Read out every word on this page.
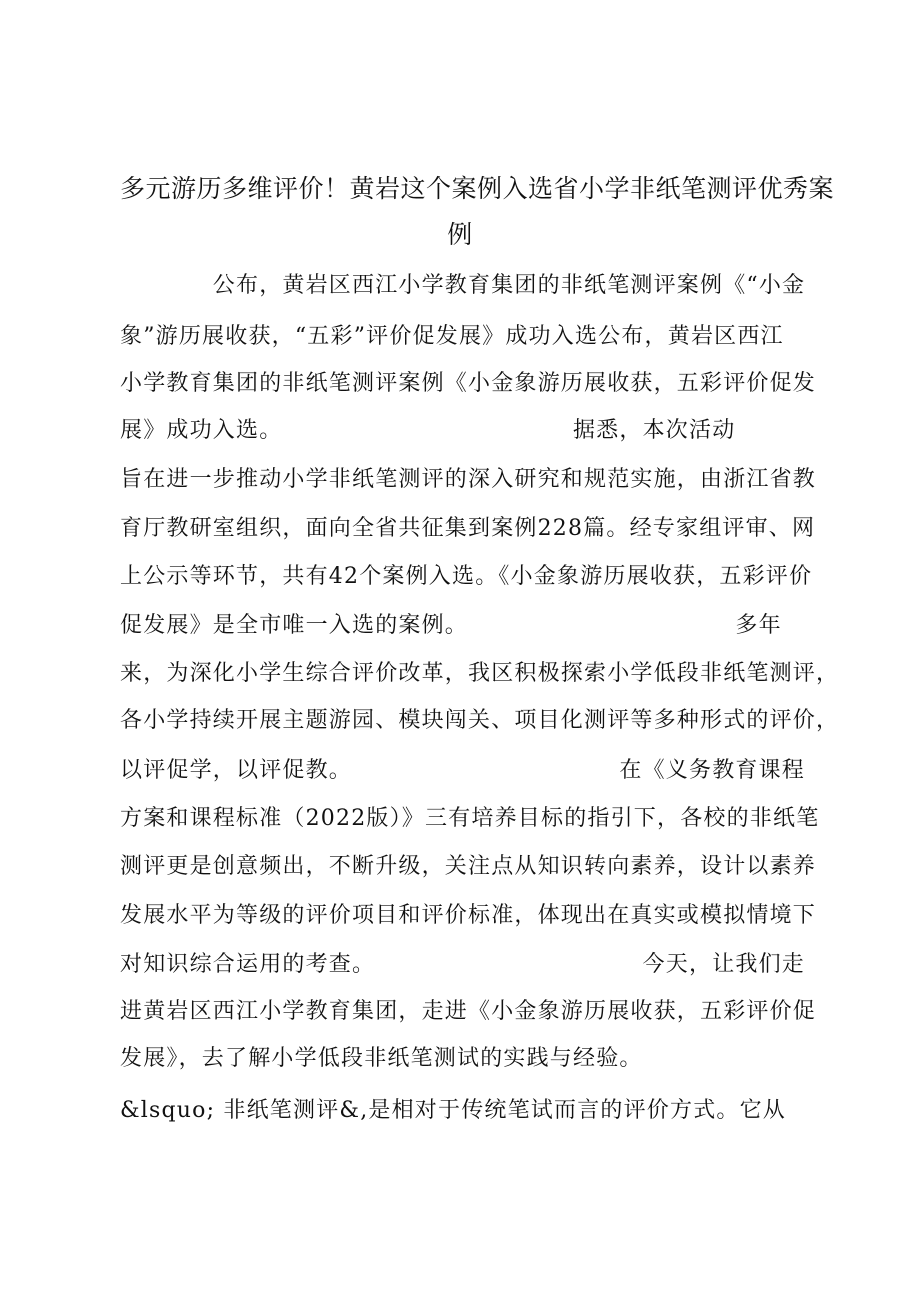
多元游历多维评价！黄岩这个案例入选省小学非纸笔测评优秀案
例
　　　　公布，黄岩区西江小学教育集团的非纸笔测评案例《“小金
象”游历展收获，“五彩”评价促发展》成功入选公布，黄岩区西江
小学教育集团的非纸笔测评案例《小金象游历展收获，五彩评价促发
展》成功入选。　　　　　　　　　　　　　据悉，本次活动
旨在进一步推动小学非纸笔测评的深入研究和规范实施，由浙江省教
育厅教研室组织，面向全省共征集到案例228篇。经专家组评审、网
上公示等环节，共有42个案例入选。《小金象游历展收获，五彩评价
促发展》是全市唯一入选的案例。　　　　　　　　　　　　多年
来，为深化小学生综合评价改革，我区积极探索小学低段非纸笔测评，
各小学持续开展主题游园、模块闯关、项目化测评等多种形式的评价，
以评促学，以评促教。　　　　　　　　　　　　在《义务教育课程
方案和课程标准（2022版）》三有培养目标的指引下，各校的非纸笔
测评更是创意频出，不断升级，关注点从知识转向素养，设计以素养
发展水平为等级的评价项目和评价标准，体现出在真实或模拟情境下
对知识综合运用的考查。　　　　　　　　　　　　今天，让我们走
进黄岩区西江小学教育集团，走进《小金象游历展收获，五彩评价促
发展》，去了解小学低段非纸笔测试的实践与经验。
&lsquo; 非纸笔测评&,是相对于传统笔试而言的评价方式。它从
